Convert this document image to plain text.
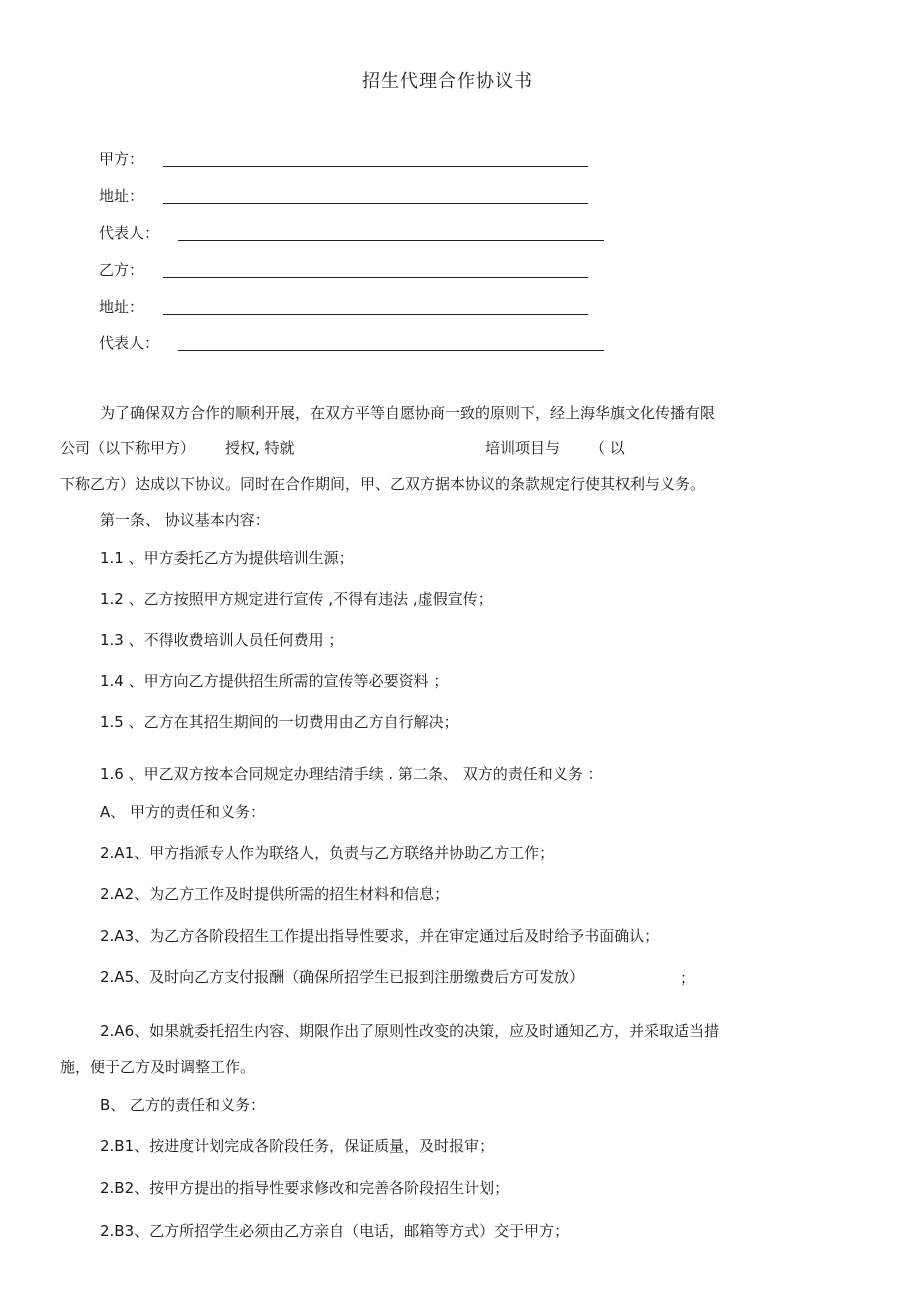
招生代理合作协议书
甲方：
地址：
代表人：
乙方：
地址：
代表人：
为了确保双方合作的顺利开展，在双方平等自愿协商一致的原则下，经上海华旗文化传播有限
公司（以下称甲方） 授权, 特就	培训项目与 （ 以
下称乙方）达成以下协议。同时在合作期间，甲、乙双方据本协议的条款规定行使其权利与义务。
第一条、 协议基本内容：
1.1 、甲方委托乙方为提供培训生源；
1.2 、乙方按照甲方规定进行宣传 ,不得有违法 ,虚假宣传；
1.3 、不得收费培训人员任何费用 ；
1.4 、甲方向乙方提供招生所需的宣传等必要资料 ；
1.5 、乙方在其招生期间的一切费用由乙方自行解决；
1.6 、甲乙双方按本合同规定办理结清手续 . 第二条、 双方的责任和义务 ：
A、 甲方的责任和义务：
2.A1、甲方指派专人作为联络人，负责与乙方联络并协助乙方工作；
2.A2、为乙方工作及时提供所需的招生材料和信息；
2.A3、为乙方各阶段招生工作提出指导性要求，并在审定通过后及时给予书面确认；
2.A5、及时向乙方支付报酬（确保所招学生已报到注册缴费后方可发放）	；
2.A6、如果就委托招生内容、期限作出了原则性改变的决策，应及时通知乙方，并采取适当措
施，便于乙方及时调整工作。
B、 乙方的责任和义务：
2.B1、按进度计划完成各阶段任务，保证质量，及时报审；
2.B2、按甲方提出的指导性要求修改和完善各阶段招生计划；
2.B3、乙方所招学生必须由乙方亲自（电话，邮箱等方式）交于甲方；
